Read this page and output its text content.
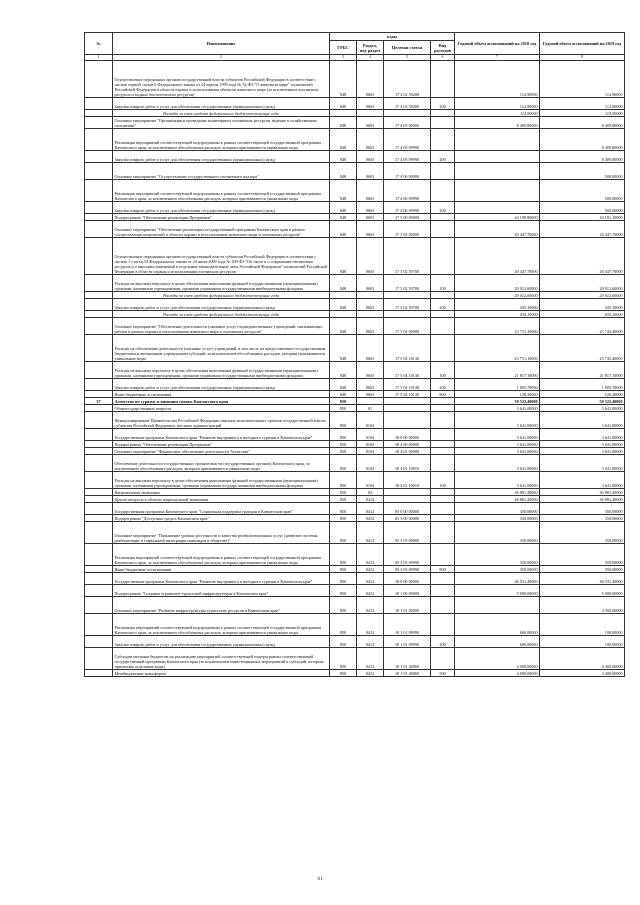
№	Наименование	коды				Годовой объем ассигнований на 2018 год	Годовой объем ассигнований на 2019 год
		ГРБС	Раздел, под-раздел	Целевая статья	Вид расходов		
1	2	3	4	5	6	7	8
	Осуществление переданных органам государственной власти субъектов Российской Федерации в соответствии с частью первой статьи 6 Федерального закона от 24 апреля 1995 года № 52-ФЗ "О животном мире" полномочий Российской Федерации в области охраны и использования объектов животного мира (за исключением охотничьих ресурсов и водных биологических ресурсов)	848	0603	17 4 02 59200		114,90000	114,90000
	Закупка товаров, работ и услуг для обеспечения государственных (муниципальных) нужд	848	0603	17 4 02 59200	200	114,90000	114,90000
	Расходы за счет средств федерального бюджета-текущие года					114,90000	114,90000
	Основное мероприятие "Организация и проведение мониторинга охотничьих ресурсов, ведение в хозяйственном отношении"	848	0603	17 4 05 00000		8 409,80000	8 409,80000
	Реализация мероприятий соответствующей подпрограммы в рамках соответствующей государственной программы Камчатского края, за исключением обособленных расходов, которым присваиваются уникальные коды	848	0603	17 4 05 09990			8 409,80000
	Закупка товаров, работ и услуг для обеспечения государственных (муниципальных) нужд	848	0603	17 4 05 09990	200		8 409,80000
	Основное мероприятие "Осуществление государственного охотничьего надзора"	848	0603	17 4 06 00000			500,00000
	Реализация мероприятий соответствующей подпрограммы в рамках соответствующей государственной программы Камчатского края, за исключением обособленных расходов, которым присваиваются уникальные коды	848	0603	17 4 06 09990			500,00000
	Закупка товаров, работ и услуг для обеспечения государственных (муниципальных) нужд	848	0603	17 4 06 09990	200		500,00000
	Подпрограмма "Обеспечение реализации Программы"	848	0603	17 5 00 00000		44 198,80000	44 191,10000
	Основное мероприятие "Обеспечение реализации государственной программы Камчатского края в рамках осуществления полномочий в области охраны и использования животного мира и охотничьих ресурсов"	848	0603	17 5 02 00000		20 447,70000	20 447,70000
	Осуществление переданных органам государственной власти субъектов Российской Федерации в соответствии с частью 1 статьи 33 Федерального закона от 24 июля 2009 года № 209-ФЗ "Об охоте и о сохранении охотничьих ресурсов и о внесении изменений в отдельные законодательные акты Российской Федерации" полномочий Российской Федерации в области охраны и использования охотничьих ресурсов	848	0603	17 5 02 59700		20 447,70000	20 447,70000
	Расходы на выплаты персоналу в целях обеспечения выполнения функций государственными (муниципальными) органами, казенными учреждениями, органами управления государственными внебюджетными фондами	848	0603	17 5 02 59700	100	20 012,60000	20 012,60000
	Расходы за счет средств федерального бюджета-текущие года					20 012,60000	20 012,60000
	Закупка товаров, работ и услуг для обеспечения государственных (муниципальных) нужд	848	0603	17 5 02 59700	200	435,10000	435,10000
	Расходы за счет средств федерального бюджета-текущие года					435,10000	435,10000
	Основное мероприятие "Обеспечение деятельности (оказание услуг) подведомственных учреждений, оказывающих работы в рамках охраны и использования животного мира и охотничьих ресурсов"	848	0603	17 5 04 00000		23 751,10000	23 743,40000
	Расходы на обеспечение деятельности (оказание услуг) учреждений, в том числе на предоставление государственным бюджетным и автономным учреждениям субсидий, за исключением обособленных расходов, которым присваиваются уникальные коды	848	0603	17 5 04 10140		23 751,10000	23 743,40000
	Расходы на выплаты персоналу в целях обеспечения выполнения функций государственными (муниципальными) органами, казенными учреждениями, органами управления государственными внебюджетными фондами	848	0603	17 5 04 10140	100	21 817,10000	21 817,10000
	Закупка товаров, работ и услуг для обеспечения государственных (муниципальных) нужд	848	0603	17 5 04 10140	200	1 805,70000	1 805,70000
	Иные бюджетные ассигнования	848	0603	17 5 04 10140	800	128,30000	120,20000
37	Агентство по туризму и внешним связям Камчатского края	850				50 522,40000	50 522,40000
	Общегосударственные вопросы	850	01			3 641,00000	3 641,00000
	Функционирование Правительства Российской Федерации, высших исполнительных органов государственной власти субъектов Российской Федерации, местных администраций	850	0104			3 641,00000	3 641,00000
	Государственная программа Камчатского края "Развитие внутреннего и въездного туризма в Камчатском крае"	850	0104	18 0 00 00000		3 641,00000	3 641,00000
	Подпрограмма "Обеспечение реализации Программы"	850	0104	18 4 00 00000		3 641,00000	3 641,00000
	Основное мероприятие "Финансовое обеспечение деятельности Агентства"	850	0104	18 4 01 00000		3 641,00000	3 641,00000
	Обеспечение деятельности государственных органов власти (государственных органов) Камчатского края, за исключением обособленных расходов, которым присваиваются уникальные коды	850	0104	18 4 01 10010		3 641,00000	3 641,00000
	Расходы на выплаты персоналу в целях обеспечения выполнения функций государственными (муниципальными) органами, казенными учреждениями, органами управления государственными внебюджетными фондами	850	0104	18 4 01 10010	100	3 641,00000	3 641,00000
	Национальная экономика	850	04			46 881,40000	46 881,40000
	Другие вопросы в области национальной экономики	850	0412			46 881,40000	46 881,40000
	Государственная программа Камчатского края "Социальная поддержка граждан в Камчатском крае"	850	0412	05 0 00 00000		350,00000	350,00000
	Подпрограмма "Доступная среда в Камчатском крае"	850	0412	05 3 00 00000		350,00000	350,00000
	Основное мероприятие "Повышение уровня доступности и качества реабилитационных услуг (развитие системы реабилитации и социальной интеграции инвалидов в обществе)"	850	0412	05 3 03 00000		350,00000	350,00000
	Реализация мероприятий соответствующей подпрограммы в рамках соответствующей государственной программы Камчатского края, за исключением обособленных расходов, которым присваиваются уникальные коды	850	0412	05 3 03 09990		350,00000	350,00000
	Иные бюджетные ассигнования	850	0412	05 3 03 09990	800	350,00000	350,00000
	Государственная программа Камчатского края "Развитие внутреннего и въездного туризма в Камчатском крае"	850	0412	18 0 00 00000		46 531,40000	46 531,40000
	Подпрограмма "Создание и развитие туристской инфраструктуры в Камчатском крае"	850	0412	18 1 00 00000		5 000,00000	5 000,00000
	Основное мероприятие "Развитие инфраструктуры туристских ресурсов в Камчатском крае"	850	0412	18 1 01 00000			4 500,00000
	Реализация мероприятий соответствующей подпрограммы в рамках соответствующей государственной программы Камчатского края, за исключением обособленных расходов, которым присваиваются уникальные коды	850	0412	18 1 01 09990		600,00000	100,00000
	Закупка товаров, работ и услуг для обеспечения государственных (муниципальных) нужд	850	0412	18 1 01 09990	200	600,00000	100,00000
	Субсидии местным бюджетам на реализацию мероприятий соответствующей подпрограммы соответствующей государственной программы Камчатского края (за исключением инвестиционных мероприятий и субсидий, которым присвоены отдельные коды)	850	0412	18 1 01 40060		4 000,00000	4 400,00000
	Межбюджетные трансферты	850	0412	18 1 01 40060	500	4 000,00000	4 400,00000
61
